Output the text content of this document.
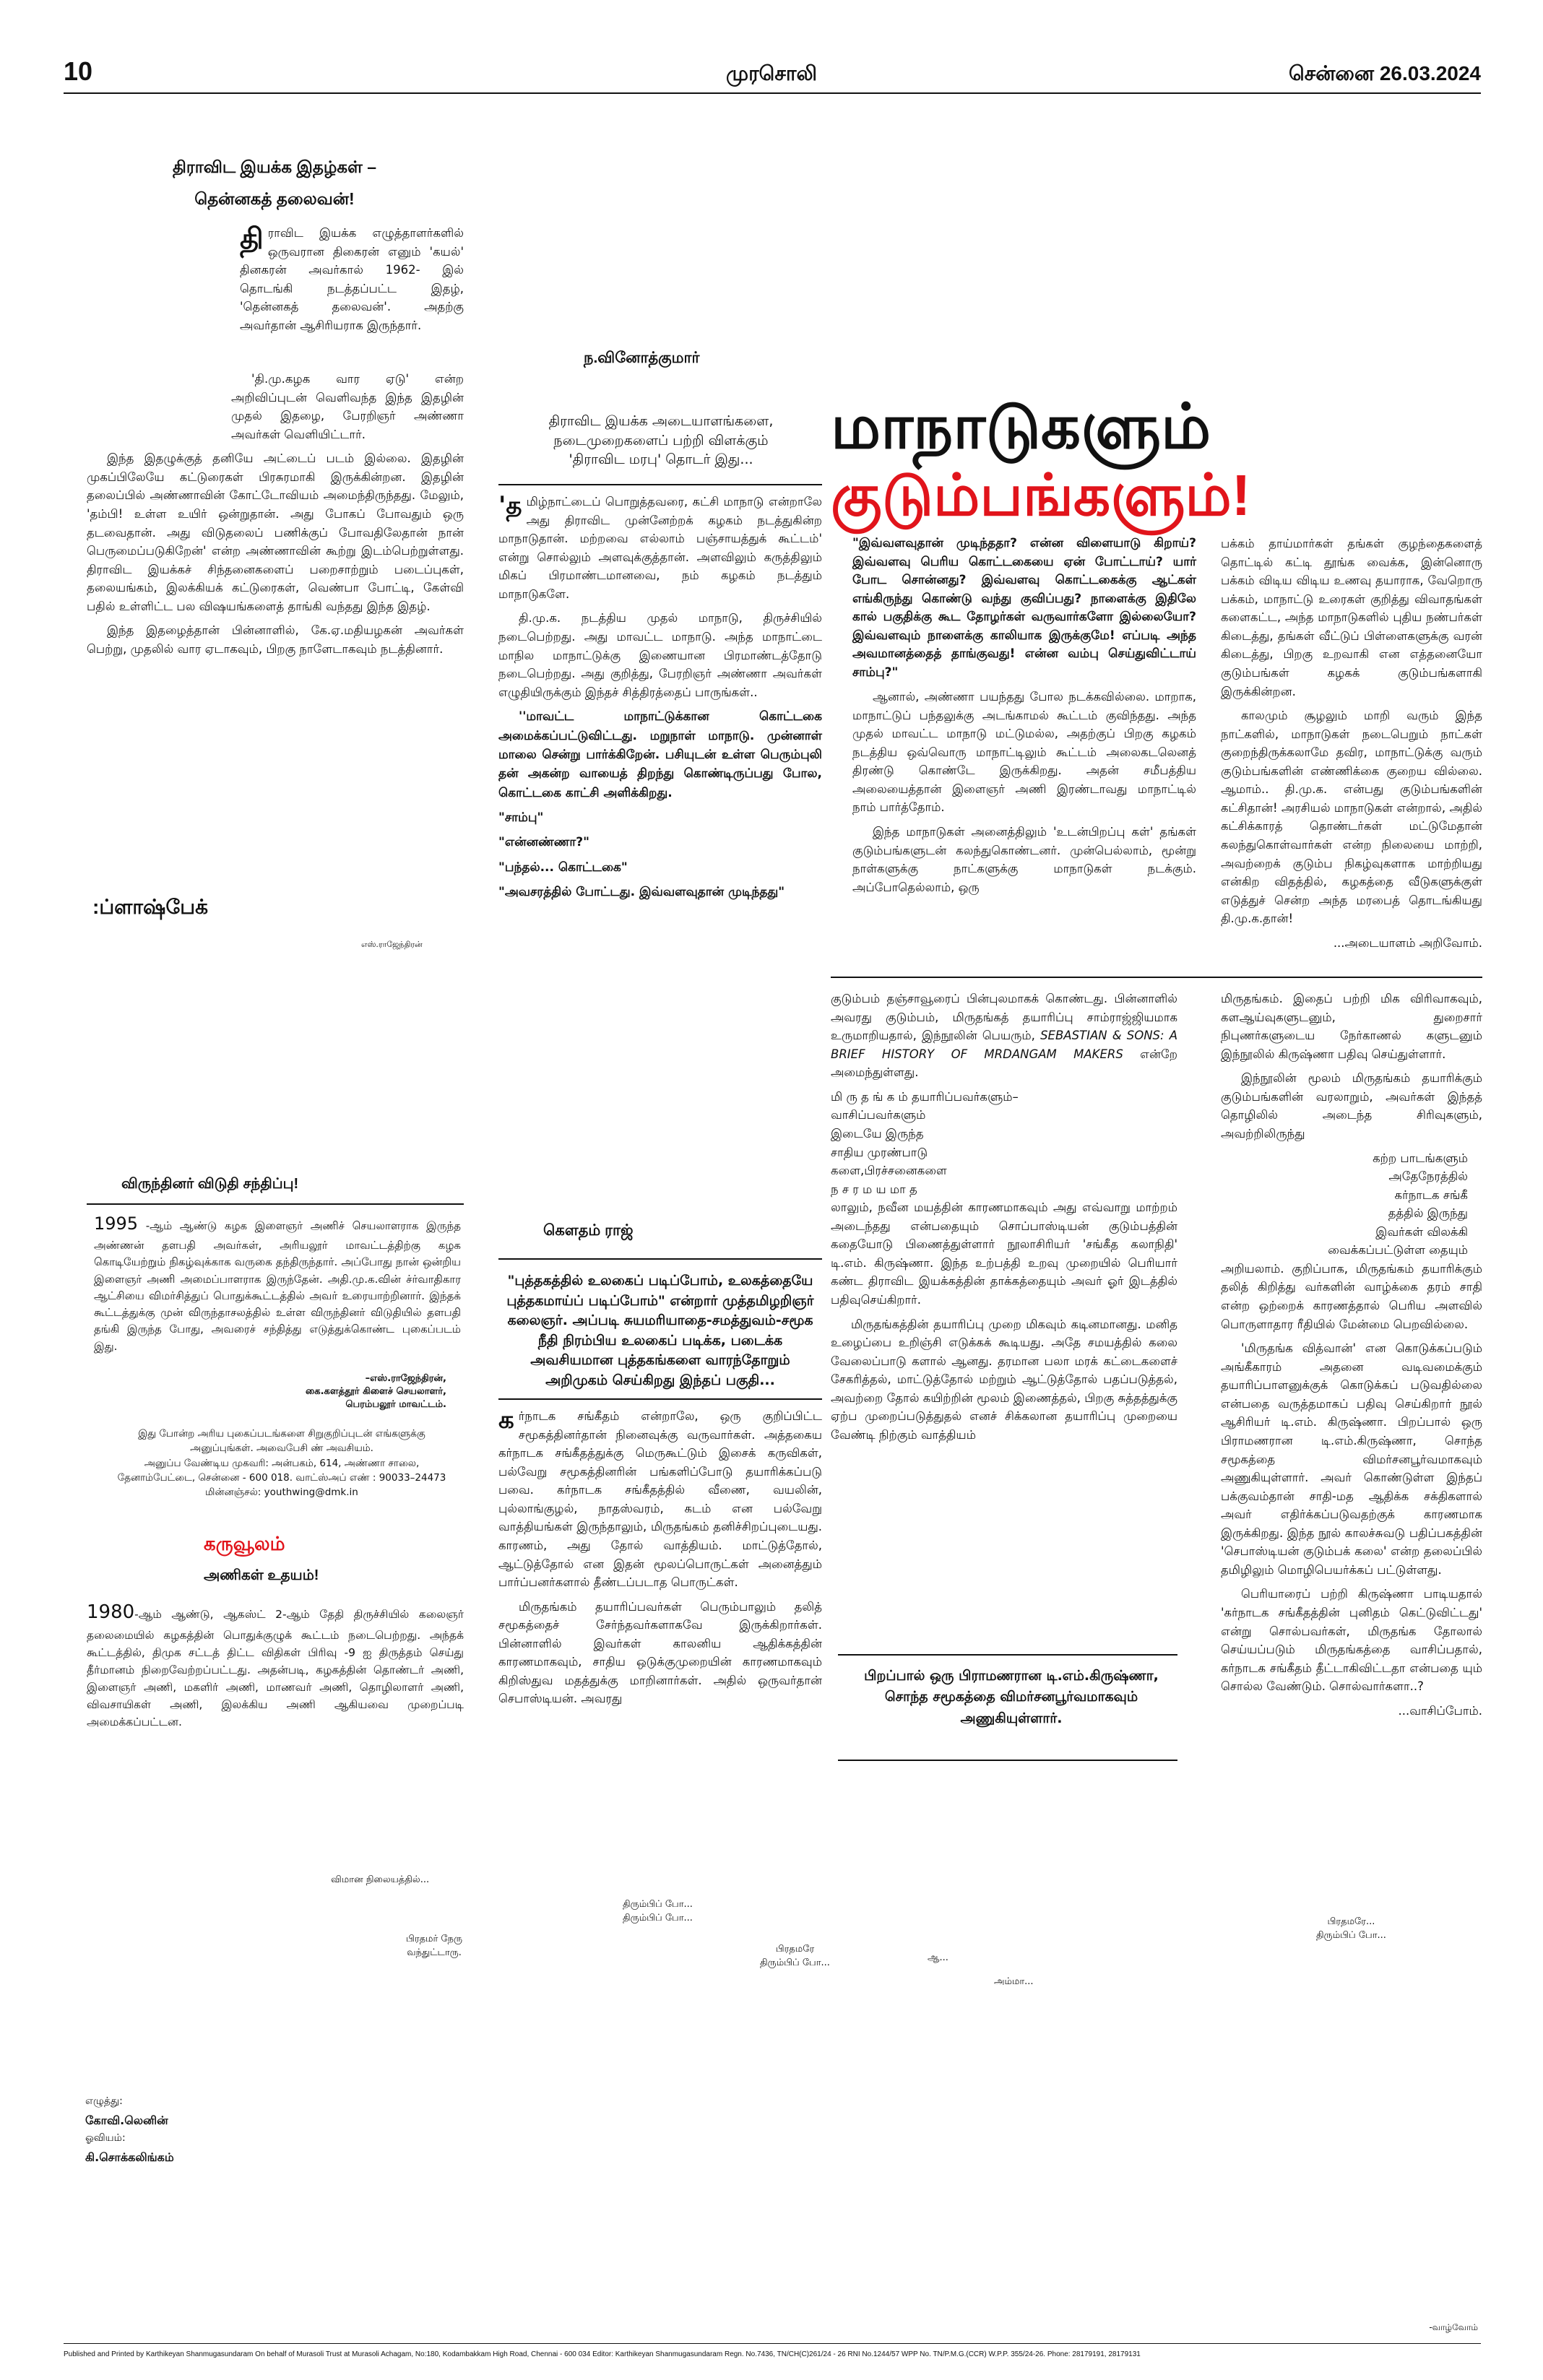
10	முரசொலி	சென்னை 26.03.2024
திராவிட இயக்க இதழ்கள் –
தென்னகத் தலைவன்!

திராவிட இயக்க எழுத்தாளர்களில் ஒருவரான திகைரன் எனும் 'கயல்' தினகரன் அவர்கால் 1962- இல் தொடங்கி நடத்தப்பட்ட இதழ், 'தென்னகத் தலைவன்'. அதற்கு அவர்தான் ஆசிரியராக இருந்தார்.

'தி.மு.கழக வார ஏடு' என்ற அறிவிப்புடன் வெளிவந்த இந்த இதழின் முதல் இதழை, பேரறிஞர் அண்ணா அவர்கள் வெளியிட்டார்.

இந்த இதழுக்குத் தனியே அட்டைப் படம் இல்லை. இதழின் முகப்பிலேயே கட்டுரைகள் பிரசுரமாகி இருக்கின்றன. இதழின் தலைப்பில் அண்ணாவின் கோட்டோவியம் அமைந்திருந்தது. மேலும், 'தம்பி! உள்ள உயிர் ஒன்றுதான். அது போகப் போவதும் ஒரு தடவைதான். அது விடுதலைப் பணிக்குப் போவதிலேதான் நான் பெருமைப்படுகிறேன்' என்ற அண்ணாவின் கூற்று இடம்பெற்றுள்ளது. திராவிட இயக்கச் சிந்தனைகளைப் பறைசாற்றும் படைப்புகள், தலையங்கம், இலக்கியக் கட்டுரைகள், வெண்பா போட்டி, கேள்வி பதில் உள்ளிட்ட பல விஷயங்களைத் தாங்கி வந்தது இந்த இதழ்.

இந்த இதழைத்தான் பின்னாளில், கே.ஏ.மதியழகன் அவர்கள் பெற்று, முதலில் வார ஏடாகவும், பிறகு நாளேடாகவும் நடத்தினார்.

:ப்ளாஷ்பேக்
எஸ்.ராஜேந்திரன்
விருந்தினர் விடுதி சந்திப்பு!

1995 -ஆம் ஆண்டு கழக இளைஞர் அணிச் செயலாளராக இருந்த அண்ணன் தளபதி அவர்கள், அரியலூர் மாவட்டத்திற்கு கழக கொடியேற்றும் நிகழ்வுக்காக வருகை தந்திருந்தார். அப்போது நான் ஒன்றிய இளைஞர் அணி அமைப்பாளராக இருந்தேன். அதி.மு.க.வின் ச்ர்வாதிகார ஆட்சியை விமர்சித்துப் பொதுக்கூட்டத்தில் அவர் உரையாற்றினார். இந்தக் கூட்டத்துக்கு முன் விருந்தாசலத்தில் உள்ள விருந்தினர் விடுதியில் தளபதி தங்கி இருந்த போது, அவரைச் சந்தித்து எடுத்துக்கொண்ட புகைப்படம் இது.

–எஸ்.ராஜேந்திரன்,
கை.களத்தூர் கிளைச் செயலாளர்,
பெரம்பலூர் மாவட்டம்.
இது போன்ற அரிய புகைப்படங்களை சிறுகுறிப்புடன் எங்களுக்கு அனுப்புங்கள். அவைபேசி ண் அவசியம்.
அனுப்ப வேண்டிய முகவரி: அன்பகம், 614, அண்ணா சாலை, தேனாம்பேட்டை, சென்னை - 600 018. வாட்ஸ்அப் எண் : 90033–24473
மின்னஞ்சல்: youthwing@dmk.in
கருவூலம்
அணிகள் உதயம்!

1980-ஆம் ஆண்டு, ஆகஸ்ட் 2-ஆம் தேதி திருச்சியில் கலைஞர் தலைமையில் கழகத்தின் பொதுக்குழுக் கூட்டம் நடைபெற்றது. அந்தக் கூட்டத்தில், திமுக சட்டத் திட்ட விதிகள் பிரிவு -9 ஐ திருத்தம் செய்து தீர்மானம் நிறைவேற்றப்பட்டது. அதன்படி, கழகத்தின் தொண்டர் அணி, இளைஞர் அணி, மகளிர் அணி, மாணவர் அணி, தொழிலாளர் அணி, விவசாயிகள் அணி, இலக்கிய அணி ஆகியவை முறைப்படி அமைக்கப்பட்டன.

ந.வினோத்குமார்
திராவிட இயக்க அடையாளங்களை,
நடைமுறைகளைப் பற்றி விளக்கும்
'திராவிட மரபு' தொடர் இது...

'தமிழ்நாட்டைப் பொறுத்தவரை, கட்சி மாநாடு என்றாலே அது திராவிட முன்னேற்றக் கழகம் நடத்துகின்ற மாநாடுதான். மற்றவை எல்லாம் பஞ்சாயத்துக் கூட்டம்' என்று சொல்லும் அளவுக்குத்தான். அளவிலும் கருத்திலும் மிகப் பிரமாண்டமானவை, நம் கழகம் நடத்தும் மாநாடுகளே.

தி.மு.க. நடத்திய முதல் மாநாடு, திருச்சியில் நடைபெற்றது. அது மாவட்ட மாநாடு. அந்த மாநாட்டை மாநில மாநாட்டுக்கு இணையான பிரமாண்டத்தோடு நடைபெற்றது. அது குறித்து, பேரறிஞர் அண்ணா அவர்கள் எழுதியிருக்கும் இந்தச் சித்திரத்தைப் பாருங்கள்..

''மாவட்ட மாநாட்டுக்கான கொட்டகை அமைக்கப்பட்டுவிட்டது. மறுநாள் மாநாடு. முன்னாள் மாலை சென்று பார்க்கிறேன். பசியுடன் உள்ள பெரும்புலி தன் அகன்ற வாயைத் திறந்து கொண்டிருப்பது போல, கொட்டகை காட்சி அளிக்கிறது.

"சாம்பு"

"என்னண்ணா?"

"பந்தல்... கொட்டகை"

"அவசரத்தில் போட்டது. இவ்வளவுதான் முடிந்தது"

மாநாடுகளும்
குடும்பங்களும்!

"இவ்வளவுதான் முடிந்ததா? என்ன விளையாடு கிறாய்? இவ்வளவு பெரிய கொட்டகையை ஏன் போட்டாய்? யார் போட சொன்னது? இவ்வளவு கொட்டகைக்கு ஆட்கள் எங்கிருந்து கொண்டு வந்து குவிப்பது? நாளைக்கு இதிலே கால் பகுதிக்கு கூட தோழர்கள் வருவார்களோ இல்லையோ? இவ்வளவும் நாளைக்கு காலியாக இருக்குமே! எப்படி அந்த அவமானத்தைத் தாங்குவது! என்ன வம்பு செய்துவிட்டாய் சாம்பு?"

ஆனால், அண்ணா பயந்தது போல நடக்கவில்லை. மாறாக, மாநாட்டுப் பந்தலுக்கு அடங்காமல் கூட்டம் குவிந்தது. அந்த முதல் மாவட்ட மாநாடு மட்டுமல்ல, அதற்குப் பிறகு கழகம் நடத்திய ஒவ்வொரு மாநாட்டிலும் கூட்டம் அலைகடலெனத் திரண்டு கொண்டே இருக்கிறது. அதன் சமீபத்திய அலையைத்தான் இளைஞர் அணி இரண்டாவது மாநாட்டில் நாம் பார்த்தோம்.

இந்த மாநாடுகள் அனைத்திலும் 'உடன்பிறப்பு கள்' தங்கள் குடும்பங்களுடன் கலந்துகொண்டனர். முன்பெல்லாம், மூன்று நாள்களுக்கு நாட்களுக்கு மாநாடுகள் நடக்கும். அப்போதெல்லாம், ஒரு

பக்கம் தாய்மார்கள் தங்கள் குழந்தைகளைத் தொட்டில் கட்டி தூங்க வைக்க, இன்னொரு பக்கம் விடிய விடிய உணவு தயாராக, வேறொரு பக்கம், மாநாட்டு உரைகள் குறித்து விவாதங்கள் களைகட்ட, அந்த மாநாடுகளில் புதிய நண்பர்கள் கிடைத்து, தங்கள் வீட்டுப் பிள்ளைகளுக்கு வரன் கிடைத்து, பிறகு உறவாகி என எத்தனையோ குடும்பங்கள் கழகக் குடும்பங்களாகி இருக்கின்றன.

காலமும் சூழலும் மாறி வரும் இந்த நாட்களில், மாநாடுகள் நடைபெறும் நாட்கள் குறைந்திருக்கலாமே தவிர, மாநாட்டுக்கு வரும் குடும்பங்களின் எண்ணிக்கை குறைய வில்லை. ஆமாம்.. தி.மு.க. என்பது குடும்பங்களின் கட்சிதான்! அரசியல் மாநாடுகள் என்றால், அதில் கட்சிக்காரத் தொண்டர்கள் மட்டுமேதான் கலந்துகொள்வார்கள் என்ற நிலையை மாற்றி, அவற்றைக் குடும்ப நிகழ்வுகளாக மாற்றியது என்கிற விதத்தில், கழகத்தை வீடுகளுக்குள் எடுத்துச் சென்ற அந்த மரபைத் தொடங்கியது தி.மு.க.தான்!

...அடையாளம் அறிவோம்.

கௌதம் ராஜ்
"புத்தகத்தில் உலகைப் படிப்போம், உலகத்தையே புத்தகமாய்ப் படிப்போம்" என்றார் முத்தமிழறிஞர் கலைஞர். அப்படி சுயமரியாதை-சமத்துவம்-சமூக நீதி நிரம்பிய உலகைப் படிக்க, படைக்க அவசியமான புத்தகங்களை வாரந்தோறும் அறிமுகம் செய்கிறது இந்தப் பகுதி...

கர்நாடக சங்கீதம் என்றாலே, ஒரு குறிப்பிட்ட சமூகத்தினர்தான் நினைவுக்கு வருவார்கள். அத்தகைய கர்நாடக சங்கீதத்துக்கு மெருகூட்டும் இசைக் கருவிகள், பல்வேறு சமூகத்தினரின் பங்களிப்போடு தயாரிக்கப்படு பவை. கர்நாடக சங்கீதத்தில் வீணை, வயலின், புல்லாங்குழல், நாதஸ்வரம், கடம் என பல்வேறு வாத்தியங்கள் இருந்தாலும், மிருதங்கம் தனிச்சிறப்புடையது. காரணம், அது தோல் வாத்தியம். மாட்டுத்தோல், ஆட்டுத்தோல் என இதன் மூலப்பொருட்கள் அனைத்தும் பார்ப்பனர்களால் தீண்டப்படாத பொருட்கள்.

மிருதங்கம் தயாரிப்பவர்கள் பெரும்பாலும் தலித் சமூகத்தைச் சேர்ந்தவர்களாகவே இருக்கிறார்கள். பின்னாளில் இவர்கள் காலனிய ஆதிக்கத்தின் காரணமாகவும், சாதிய ஒடுக்குமுறையின் காரணமாகவும் கிறிஸ்துவ மதத்துக்கு மாறினார்கள். அதில் ஒருவர்தான் செபாஸ்டியன். அவரது

குடும்பம் தஞ்சாவூரைப் பின்புலமாகக் கொண்டது. பின்னாளில் அவரது குடும்பம், மிருதங்கத் தயாரிப்பு சாம்ராஜ்ஜியமாக உருமாறியதால், இந்நூலின் பெயரும், SEBASTIAN & SONS: A BRIEF HISTORY OF MRDANGAM MAKERS என்றே அமைந்துள்ளது.

மி ரு த ங் க ம் தயாரிப்பவர்களும்–
வாசிப்பவர்களும்
இடையே இருந்த
சாதிய முரண்பாடு
களை,பிரச்சனைகளை
ந ச ர ம ய மா த

லாலும், நவீன மயத்தின் காரணமாகவும் அது எவ்வாறு மாற்றம் அடைந்தது என்பதையும் சொப்பாஸ்டியன் குடும்பத்தின் கதையோடு பிணைத்துள்ளார் நூலாசிரியர் 'சங்கீத கலாநிதி' டி.எம். கிருஷ்ணா. இந்த உற்பத்தி உறவு முறையில் பெரியார் கண்ட திராவிட இயக்கத்தின் தாக்கத்தையும் அவர் ஓர் இடத்தில் பதிவுசெய்கிறார்.

மிருதங்கத்தின் தயாரிப்பு முறை மிகவும் கடினமானது. மனித உழைப்பை உறிஞ்சி எடுக்கக் கூடியது. அதே சமயத்தில் கலை வேலைப்பாடு களால் ஆனது. தரமான பலா மரக் கட்டைகளைச் சேகரித்தல், மாட்டுத்தோல் மற்றும் ஆட்டுத்தோல் பதப்படுத்தல், அவற்றை தோல் கயிற்றின் மூலம் இணைத்தல், பிறகு சுத்தத்துக்கு ஏற்ப முறைப்படுத்துதல் எனச் சிக்கலான தயாரிப்பு முறையை வேண்டி நிற்கும் வாத்தியம்

பிறப்பால் ஒரு பிராமணரான டி.எம்.கிருஷ்ணா, சொந்த சமூகத்தை விமர்சனபூர்வமாகவும் அணுகியுள்ளார்.

மிருதங்கம். இதைப் பற்றி மிக விரிவாகவும், களஆய்வுகளுடனும், துறைசார் நிபுணர்களுடைய நேர்காணல் களுடனும் இந்நூலில் கிருஷ்ணா பதிவு செய்துள்ளார்.

இந்நூலின் மூலம் மிருதங்கம் தயாரிக்கும் குடும்பங்களின் வரலாறும், அவர்கள் இந்தத் தொழிலில் அடைந்த சிரிவுகளும், அவற்றிலிருந்து

கற்ற பாடங்களும்
அதேநேரத்தில்
கர்நாடக சங்கீ
தத்தில் இருந்து
இவர்கள் விலக்கி
வைக்கப்பட்டுள்ள தையும்

அறியலாம். குறிப்பாக, மிருதங்கம் தயாரிக்கும் தலித் கிறித்து வர்களின் வாழ்க்கை தரம் சாதி என்ற ஒற்றைக் காரணத்தால் பெரிய அளவில் பொருளாதார ரீதியில் மேன்மை பெறவில்லை.

'மிருதங்க வித்வான்' என கொடுக்கப்படும் அங்கீகாரம் அதனை வடிவமைக்கும் தயாரிப்பாளனுக்குக் கொடுக்கப் படுவதில்லை என்பதை வருத்தமாகப் பதிவு செய்கிறார் நூல் ஆசிரியர் டி.எம். கிருஷ்ணா. பிறப்பால் ஒரு பிராமணரான டி.எம்.கிருஷ்ணா, சொந்த சமூகத்தை விமர்சனபூர்வமாகவும் அணுகியுள்ளார். அவர் கொண்டுள்ள இந்தப் பக்குவம்தான் சாதி-மத ஆதிக்க சக்திகளால் அவர் எதிர்க்கப்படுவதற்குக் காரணமாக இருக்கிறது. இந்த நூல் காலச்சுவடு பதிப்பகத்தின் 'செபாஸ்டியன் குடும்பக் கலை' என்ற தலைப்பில் தமிழிலும் மொழிபெயர்க்கப் பட்டுள்ளது.

பெரியாரைப் பற்றி கிருஷ்ணா பாடியதால் 'கர்நாடக சங்கீதத்தின் புனிதம் கெட்டுவிட்டது' என்று சொல்பவர்கள், மிருதங்க தோலால் செய்யப்படும் மிருதங்கத்தை வாசிப்பதால், கர்நாடக சங்கீதம் தீட்டாகிவிட்டதா என்பதை யும் சொல்ல வேண்டும். சொல்வார்களா..?

...வாசிப்போம்.

விமான நிலையத்தில்...
திரும்பிப் போ...
திரும்பிப் போ...
பிரதமர் நேரு
வந்துட்டாரு.	பிரதமரே
திரும்பிப் போ...	ஆ...
அம்மா...
பிரதமரே...
திரும்பிப் போ...
எழுத்து:
கோவி.லெனின்
ஓவியம்:
கி.சொக்கலிங்கம்
-வாழ்வோம்
Published and Printed by Karthikeyan Shanmugasundaram On behalf of Murasoli Trust at Murasoli Achagam, No:180, Kodambakkam High Road, Chennai - 600 034 Editor: Karthikeyan Shanmugasundaram Regn. No.7436, TN/CH(C)261/24 - 26 RNI No.1244/57 WPP No. TN/P.M.G.(CCR) W.P.P. 355/24-26. Phone: 28179191, 28179131
